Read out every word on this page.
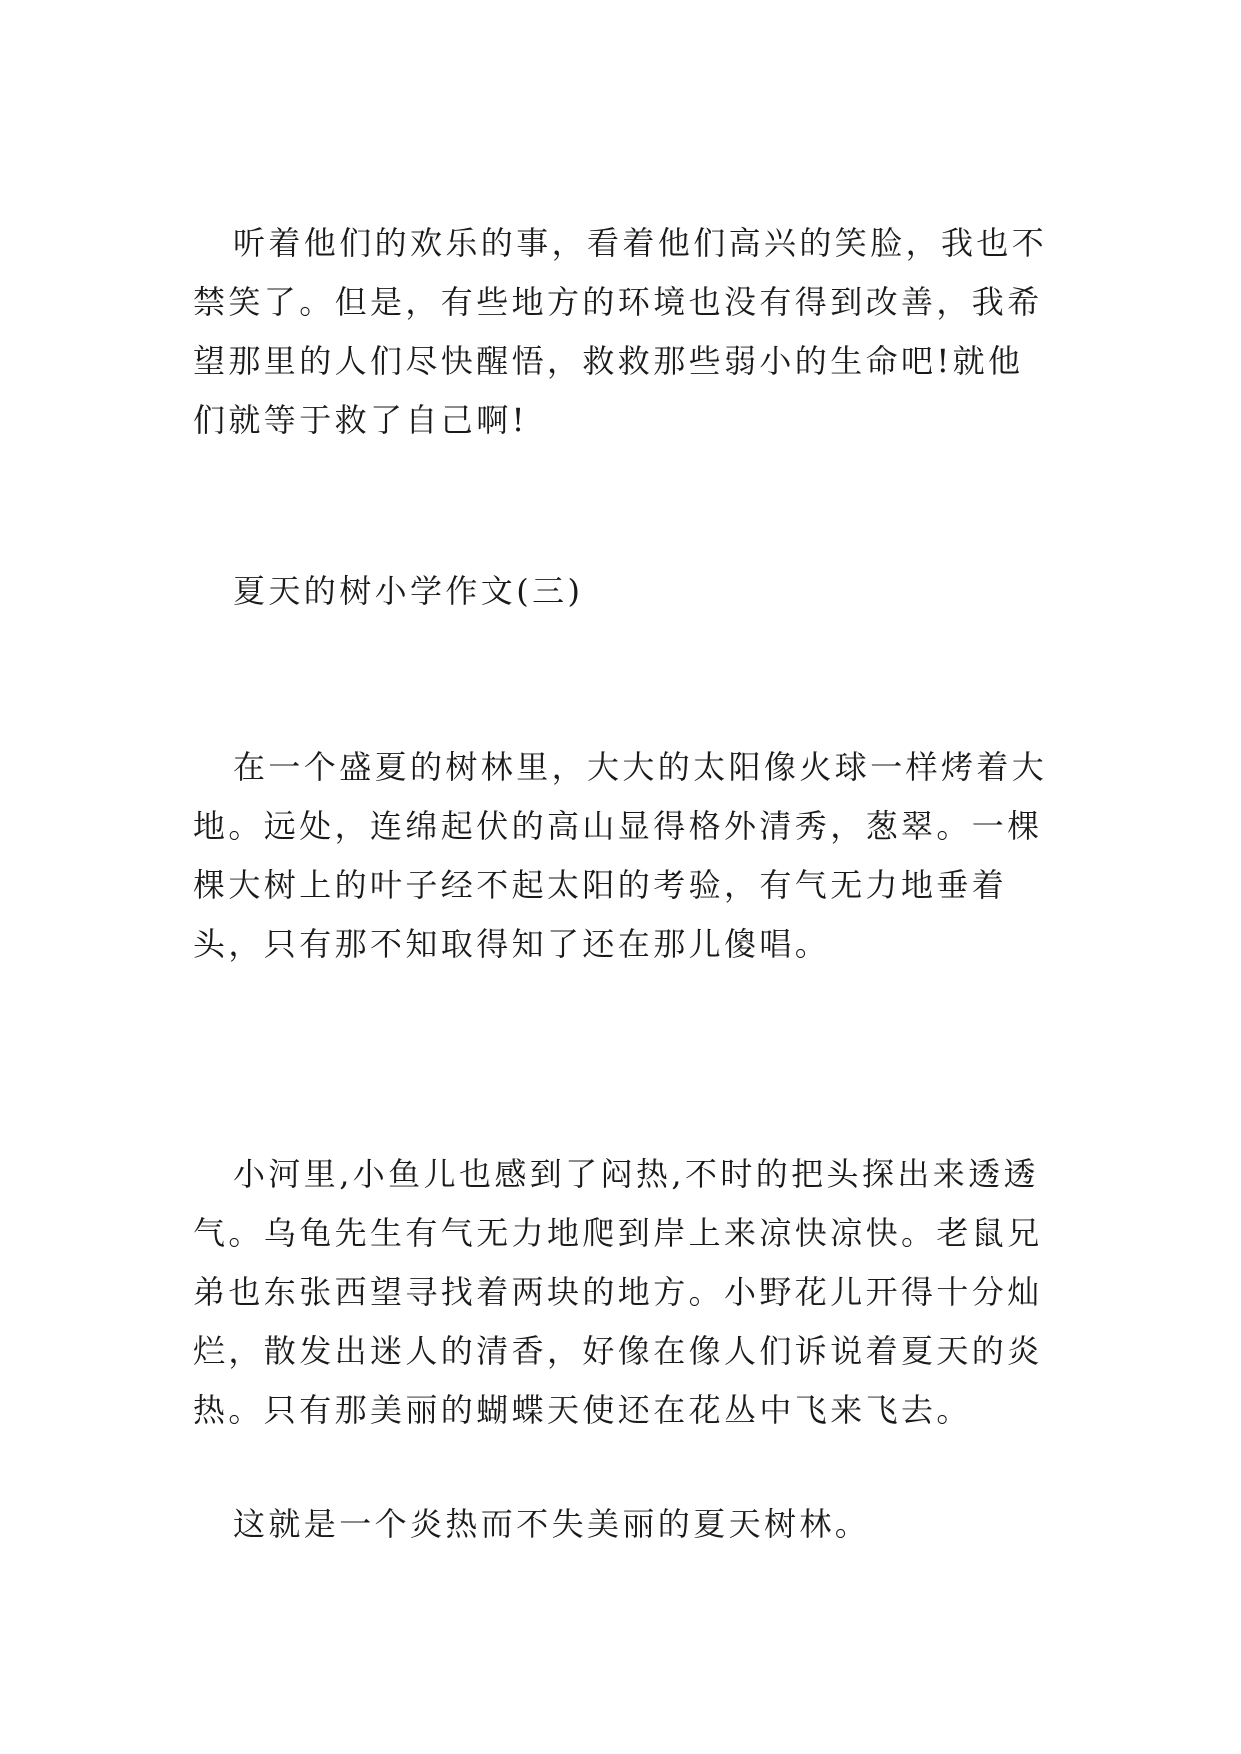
听着他们的欢乐的事，看着他们高兴的笑脸，我也不禁笑了。但是，有些地方的环境也没有得到改善，我希望那里的人们尽快醒悟，救救那些弱小的生命吧!就他们就等于救了自己啊!

夏天的树小学作文(三)

在一个盛夏的树林里，大大的太阳像火球一样烤着大地。远处，连绵起伏的高山显得格外清秀，葱翠。一棵棵大树上的叶子经不起太阳的考验，有气无力地垂着头，只有那不知取得知了还在那儿傻唱。

小河里,小鱼儿也感到了闷热,不时的把头探出来透透气。乌龟先生有气无力地爬到岸上来凉快凉快。老鼠兄弟也东张西望寻找着两块的地方。小野花儿开得十分灿烂，散发出迷人的清香，好像在像人们诉说着夏天的炎热。只有那美丽的蝴蝶天使还在花丛中飞来飞去。

这就是一个炎热而不失美丽的夏天树林。
